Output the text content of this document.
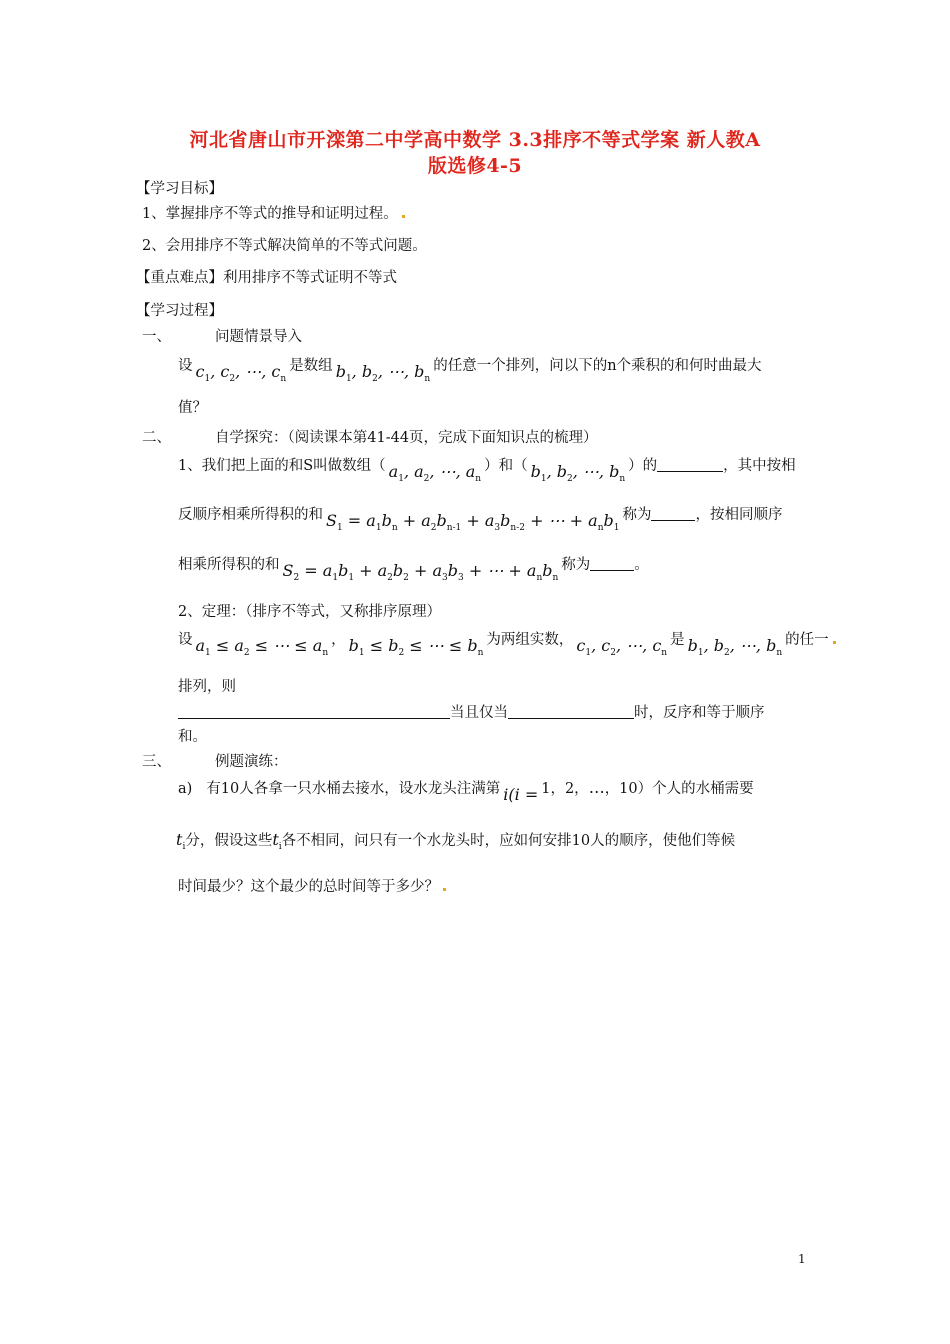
河北省唐山市开滦第二中学高中数学 3.3排序不等式学案 新人教A
版选修4-5
【学习目标】
1、掌握排序不等式的推导和证明过程。
2、会用排序不等式解决简单的不等式问题。
【重点难点】利用排序不等式证明不等式
【学习过程】
一、	问题情景导入
设 $c_1$, $c_2$, ⋯, $c_n$是数组 $b_1$, $b_2$, ⋯, $b_n$的任意一个排列，问以下的n个乘积的和何时曲最大
值？
二、	自学探究：（阅读课本第41-44页，完成下面知识点的梳理）
1、我们把上面的和S叫做数组（ $a_1$, $a_2$, ⋯, $a_n$）和（ $b_1$, $b_2$, ⋯, $b_n$）的	，其中按相
反顺序相乘所得积的和 $S_1 = a_1b_n + a_2b_{n-1} + a_3b_{n-2}$ + ⋯ + $a_nb_1$称为	，按相同顺序
相乘所得积的和 $S_2 = a_1b_1 + a_2b_2 + a_3b_3$ + ⋯ + $a_nb_n$称为	。
2、定理：（排序不等式，又称排序原理）
设 $a_1 \le a_2$ ≤ ⋯ ≤ $a_n$， $b_1 \le b_2$ ≤ ⋯ ≤ $b_n$为两组实数， $c_1$, $c_2$, ⋯, $c_n$是 $b_1$, $b_2$, ⋯, $b_n$的任一
排列，则
当且仅当	时，反序和等于顺序
和。
三、	例题演练：
a) 有10人各拿一只水桶去接水，设水龙头注满第 i(i = 1，2，…，10）个人的水桶需要
$t_i$分，假设这些$t_i$各不相同，问只有一个水龙头时，应如何安排10人的顺序，使他们等候
时间最少？这个最少的总时间等于多少？
1
